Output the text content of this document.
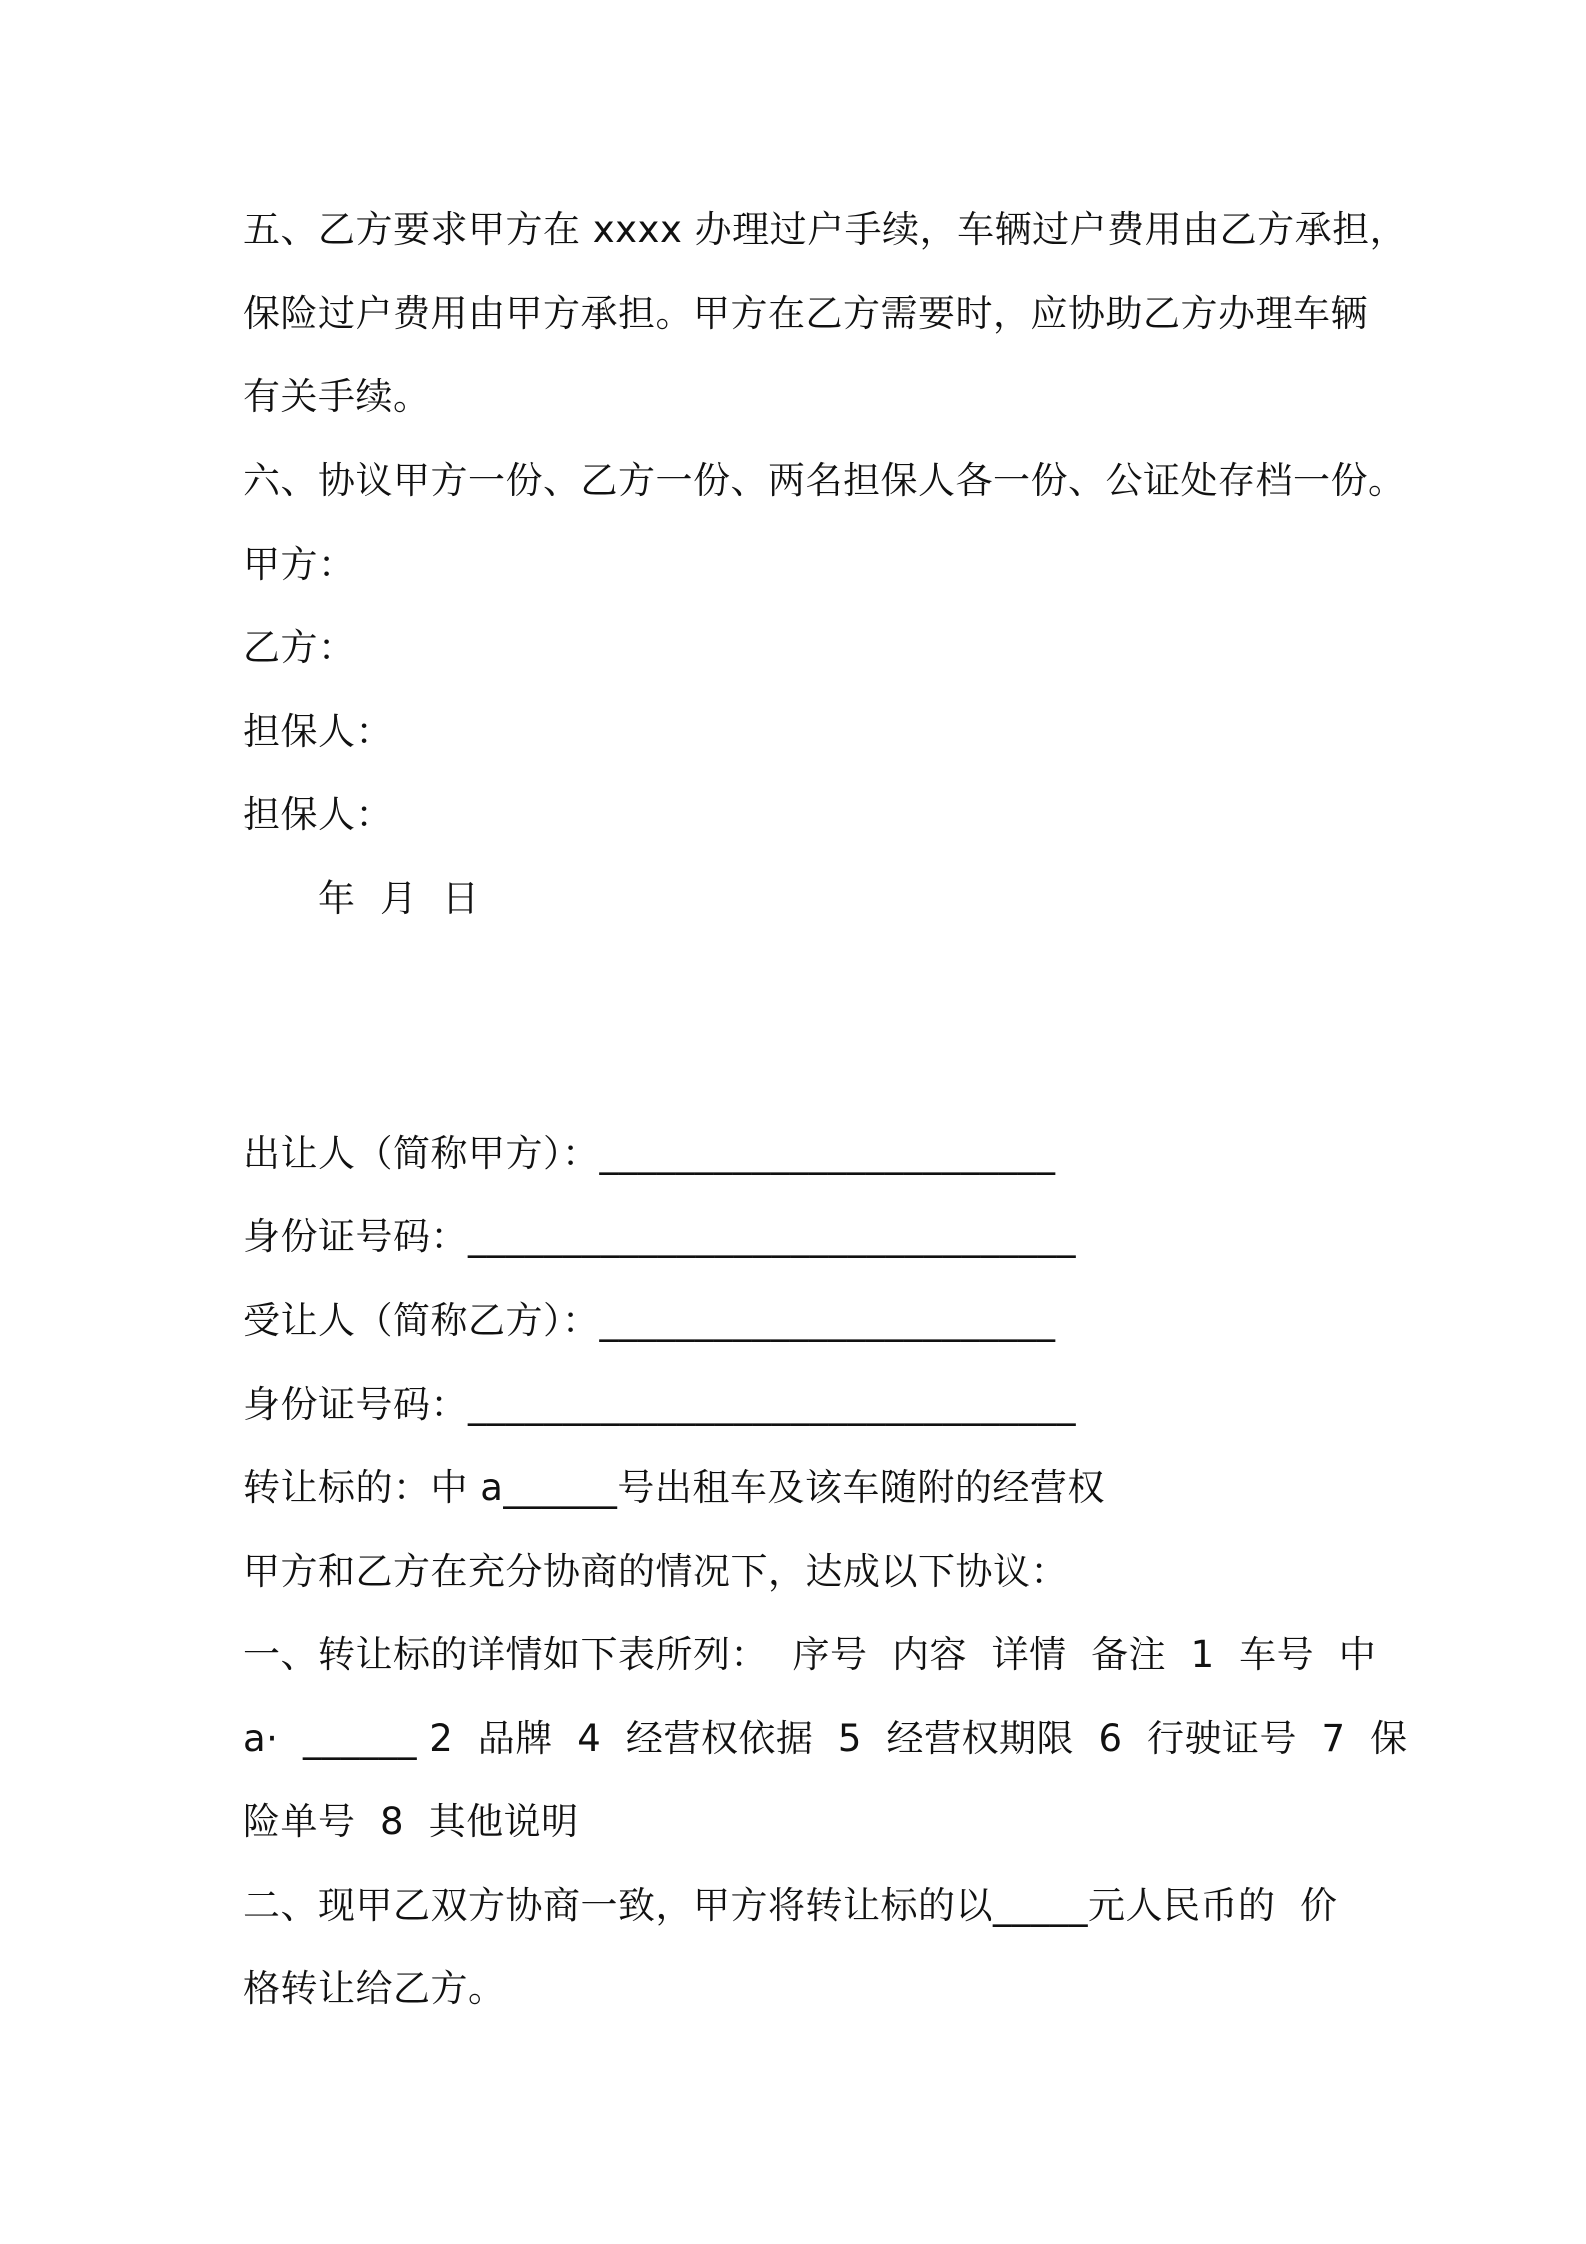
五、乙方要求甲方在 xxxx 办理过户手续，车辆过户费用由乙方承担，
保险过户费用由甲方承担。甲方在乙方需要时，应协助乙方办理车辆
有关手续。
六、协议甲方一份、乙方一份、两名担保人各一份、公证处存档一份。
甲方：
乙方：
担保人：
担保人：
年  月  日
出让人（简称甲方）：________________________
身份证号码：________________________________
受让人（简称乙方）：________________________
身份证号码：________________________________
转让标的：中 a______号出租车及该车随附的经营权
甲方和乙方在充分协商的情况下，达成以下协议：
一、转让标的详情如下表所列：  序号  内容  详情  备注  1  车号  中
a·  ______ 2  品牌  4  经营权依据  5  经营权期限  6  行驶证号  7  保
险单号  8  其他说明
二、现甲乙双方协商一致，甲方将转让标的以_____元人民币的  价
格转让给乙方。
